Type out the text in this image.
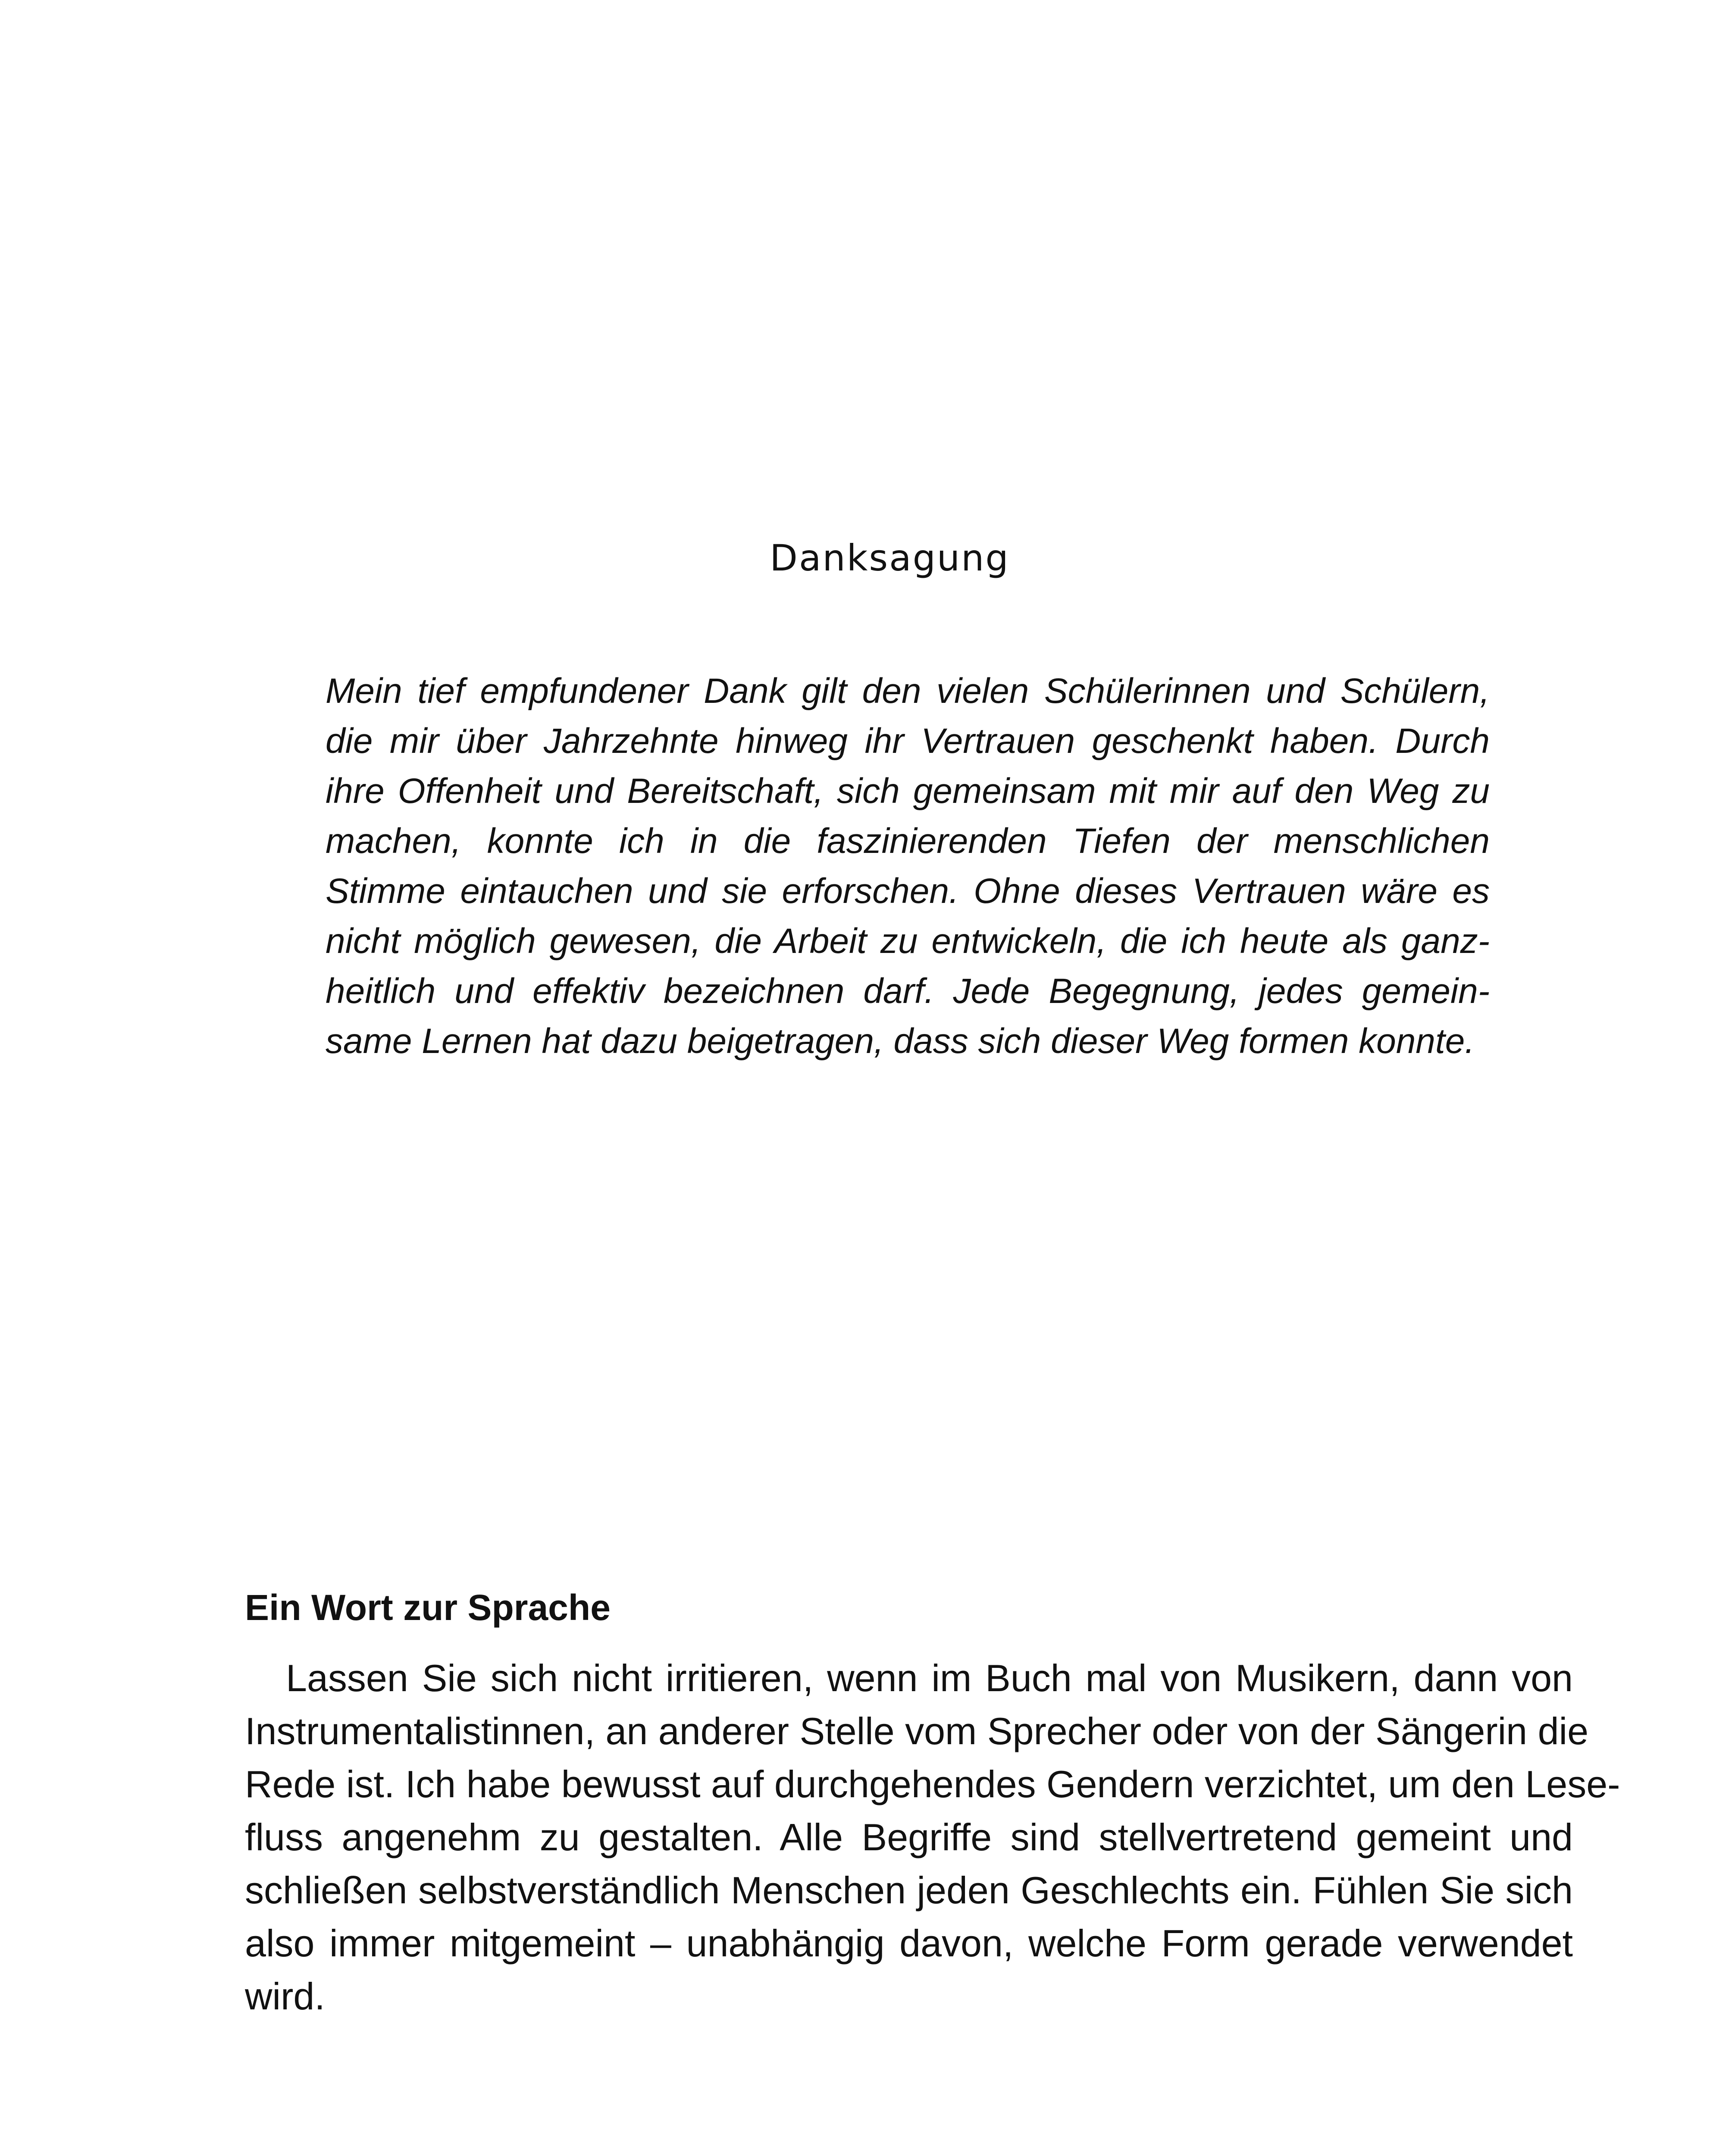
Danksagung

Mein tief empfundener Dank gilt den vielen Schülerinnen und Schülern,
die mir über Jahrzehnte hinweg ihr Vertrauen geschenkt haben. Durch
ihre Offenheit und Bereitschaft, sich gemeinsam mit mir auf den Weg zu
machen, konnte ich in die faszinierenden Tiefen der menschlichen
Stimme eintauchen und sie erforschen. Ohne dieses Vertrauen wäre es
nicht möglich gewesen, die Arbeit zu entwickeln, die ich heute als ganz-
heitlich und effektiv bezeichnen darf. Jede Begegnung, jedes gemein-
same Lernen hat dazu beigetragen, dass sich dieser Weg formen konnte.

Ein Wort zur Sprache

Lassen Sie sich nicht irritieren, wenn im Buch mal von Musikern, dann von
Instrumentalistinnen, an anderer Stelle vom Sprecher oder von der Sängerin die
Rede ist. Ich habe bewusst auf durchgehendes Gendern verzichtet, um den Lese-
fluss angenehm zu gestalten. Alle Begriffe sind stellvertretend gemeint und
schließen selbstverständlich Menschen jeden Geschlechts ein. Fühlen Sie sich
also immer mitgemeint – unabhängig davon, welche Form gerade verwendet
wird.
